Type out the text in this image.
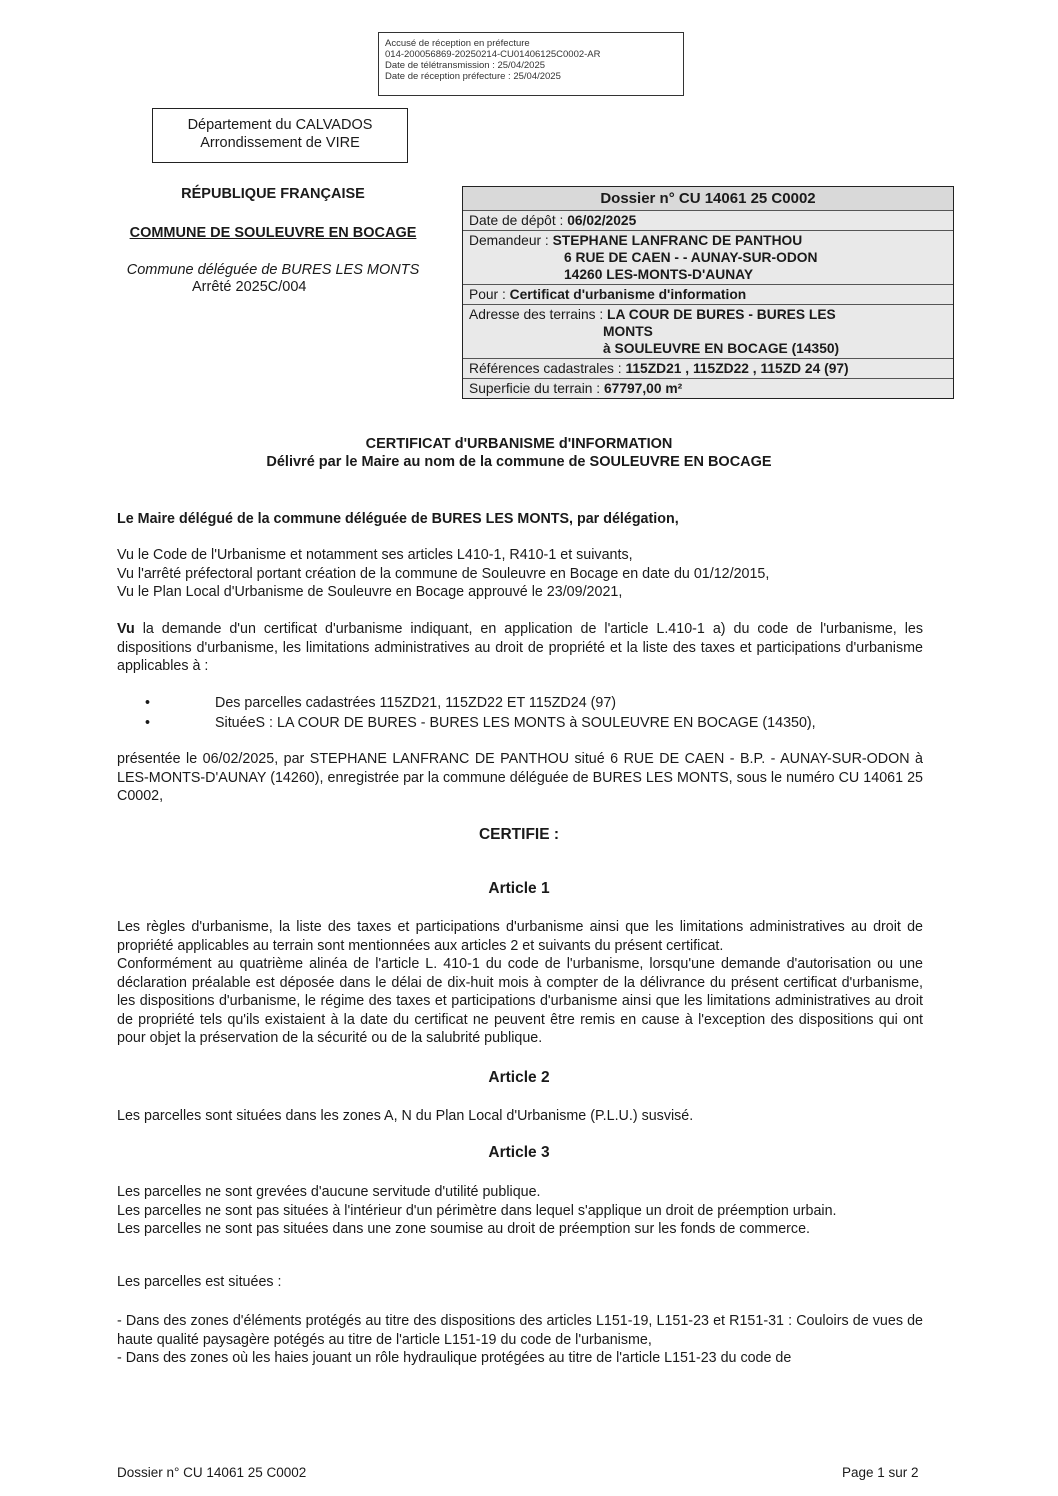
Accusé de réception en préfecture
014-200056869-20250214-CU01406125C0002-AR
Date de télétransmission : 25/04/2025
Date de réception préfecture : 25/04/2025
Département du CALVADOS
Arrondissement de VIRE
RÉPUBLIQUE FRANÇAISE
COMMUNE DE SOULEUVRE EN BOCAGE
Commune déléguée de BURES LES MONTS
Arrêté 2025C/004
Dossier n° CU 14061 25 C0002
Date de dépôt : 06/02/2025
Demandeur : STEPHANE LANFRANC DE PANTHOU
6 RUE DE CAEN - - AUNAY-SUR-ODON
14260 LES-MONTS-D'AUNAY
Pour : Certificat d'urbanisme d'information
Adresse des terrains : LA COUR DE BURES - BURES LES
MONTS
à SOULEUVRE EN BOCAGE (14350)
Références cadastrales : 115ZD21 , 115ZD22 , 115ZD 24 (97)
Superficie du terrain : 67797,00 m²
CERTIFICAT d'URBANISME d'INFORMATION
Délivré par le Maire au nom de la commune de SOULEUVRE EN BOCAGE
Le Maire délégué de la commune déléguée de BURES LES MONTS, par délégation,

Vu le Code de l'Urbanisme et notamment ses articles L410-1, R410-1 et suivants,

Vu l'arrêté préfectoral portant création de la commune de Souleuvre en Bocage en date du 01/12/2015,

Vu le Plan Local d'Urbanisme de Souleuvre en Bocage approuvé le 23/09/2021,

Vu la demande d'un certificat d'urbanisme indiquant, en application de l'article L.410-1 a) du code de l'urbanisme, les dispositions d'urbanisme, les limitations administratives au droit de propriété et la liste des taxes et participations d'urbanisme applicables à :

•	Des parcelles cadastrées 115ZD21, 115ZD22 ET 115ZD24 (97)
•	SituéeS : LA COUR DE BURES - BURES LES MONTS à SOULEUVRE EN BOCAGE (14350),
présentée le 06/02/2025, par STEPHANE LANFRANC DE PANTHOU situé 6 RUE DE CAEN - B.P. - AUNAY-SUR-ODON à LES-MONTS-D'AUNAY (14260), enregistrée par la commune déléguée de BURES LES MONTS, sous le numéro CU 14061 25 C0002,
CERTIFIE :
Article 1

Les règles d'urbanisme, la liste des taxes et participations d'urbanisme ainsi que les limitations administratives au droit de propriété applicables au terrain sont mentionnées aux articles 2 et suivants du présent certificat.

Conformément au quatrième alinéa de l'article L. 410-1 du code de l'urbanisme, lorsqu'une demande d'autorisation ou une déclaration préalable est déposée dans le délai de dix-huit mois à compter de la délivrance du présent certificat d'urbanisme, les dispositions d'urbanisme, le régime des taxes et participations d'urbanisme ainsi que les limitations administratives au droit de propriété tels qu'ils existaient à la date du certificat ne peuvent être remis en cause à l'exception des dispositions qui ont pour objet la préservation de la sécurité ou de la salubrité publique.

Article 2
Les parcelles sont situées dans les zones A, N du Plan Local d'Urbanisme (P.L.U.) susvisé.
Article 3

Les parcelles ne sont grevées d'aucune servitude d'utilité publique.

Les parcelles ne sont pas situées à l'intérieur d'un périmètre dans lequel s'applique un droit de préemption urbain.

Les parcelles ne sont pas situées dans une zone soumise au droit de préemption sur les fonds de commerce.

Les parcelles est situées :

- Dans des zones d'éléments protégés au titre des dispositions des articles L151-19, L151-23 et R151-31 : Couloirs de vues de haute qualité paysagère potégés au titre de l'article L151-19 du code de l'urbanisme,

- Dans des zones où les haies jouant un rôle hydraulique protégées au titre de l'article L151-23 du code de

Dossier n° CU 14061 25 C0002	Page 1 sur 2
